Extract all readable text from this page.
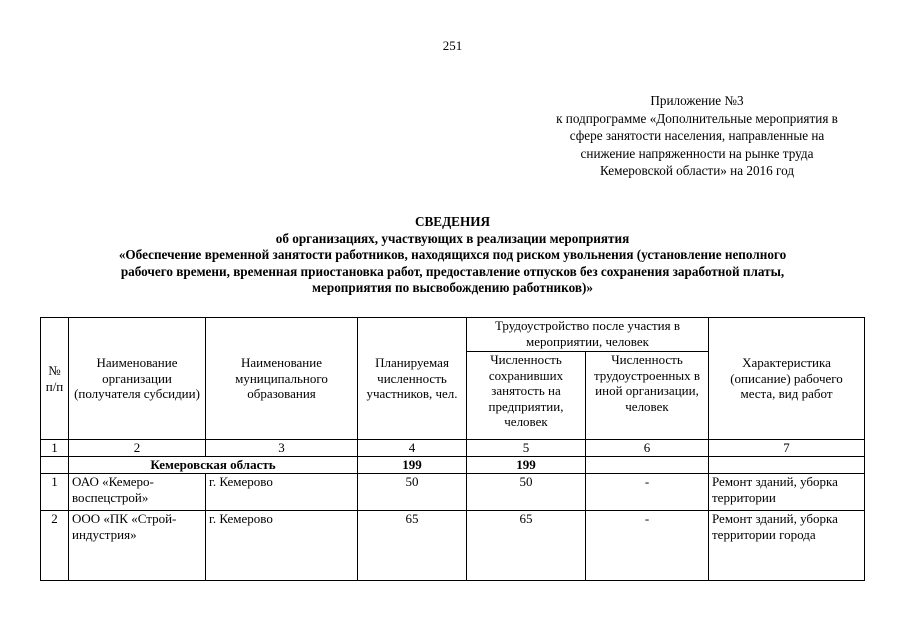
251
Приложение №3
к подпрограмме «Дополнительные мероприятия в
сфере занятости населения, направленные на
снижение напряженности на рынке труда
Кемеровской области» на 2016 год
СВЕДЕНИЯ
об организациях, участвующих в реализации мероприятия
«Обеспечение временной занятости работников, находящихся под риском увольнения (установление неполного
рабочего времени, временная приостановка работ, предоставление отпусков без сохранения заработной платы,
мероприятия по высвобождению работников)»
№ п/п	Наименование организации (получателя субсидии)	Наименование муниципального образования	Планируемая численность участников, чел.	Трудоустройство после участия в мероприятии, человек		Характеристика (описание) рабочего места, вид работ
				Численность сохранивших занятость на предприятии, человек	Численность трудоустроенных в иной организации, человек	
1	2	3	4	5	6	7
	Кемеровская область		199	199		
1	ОАО «Кемеро-воспецстрой»	г. Кемерово	50	50	-	Ремонт зданий, уборка территории
2	ООО «ПК «Строй-индустрия»	г. Кемерово	65	65	-	Ремонт зданий, уборка территории города
